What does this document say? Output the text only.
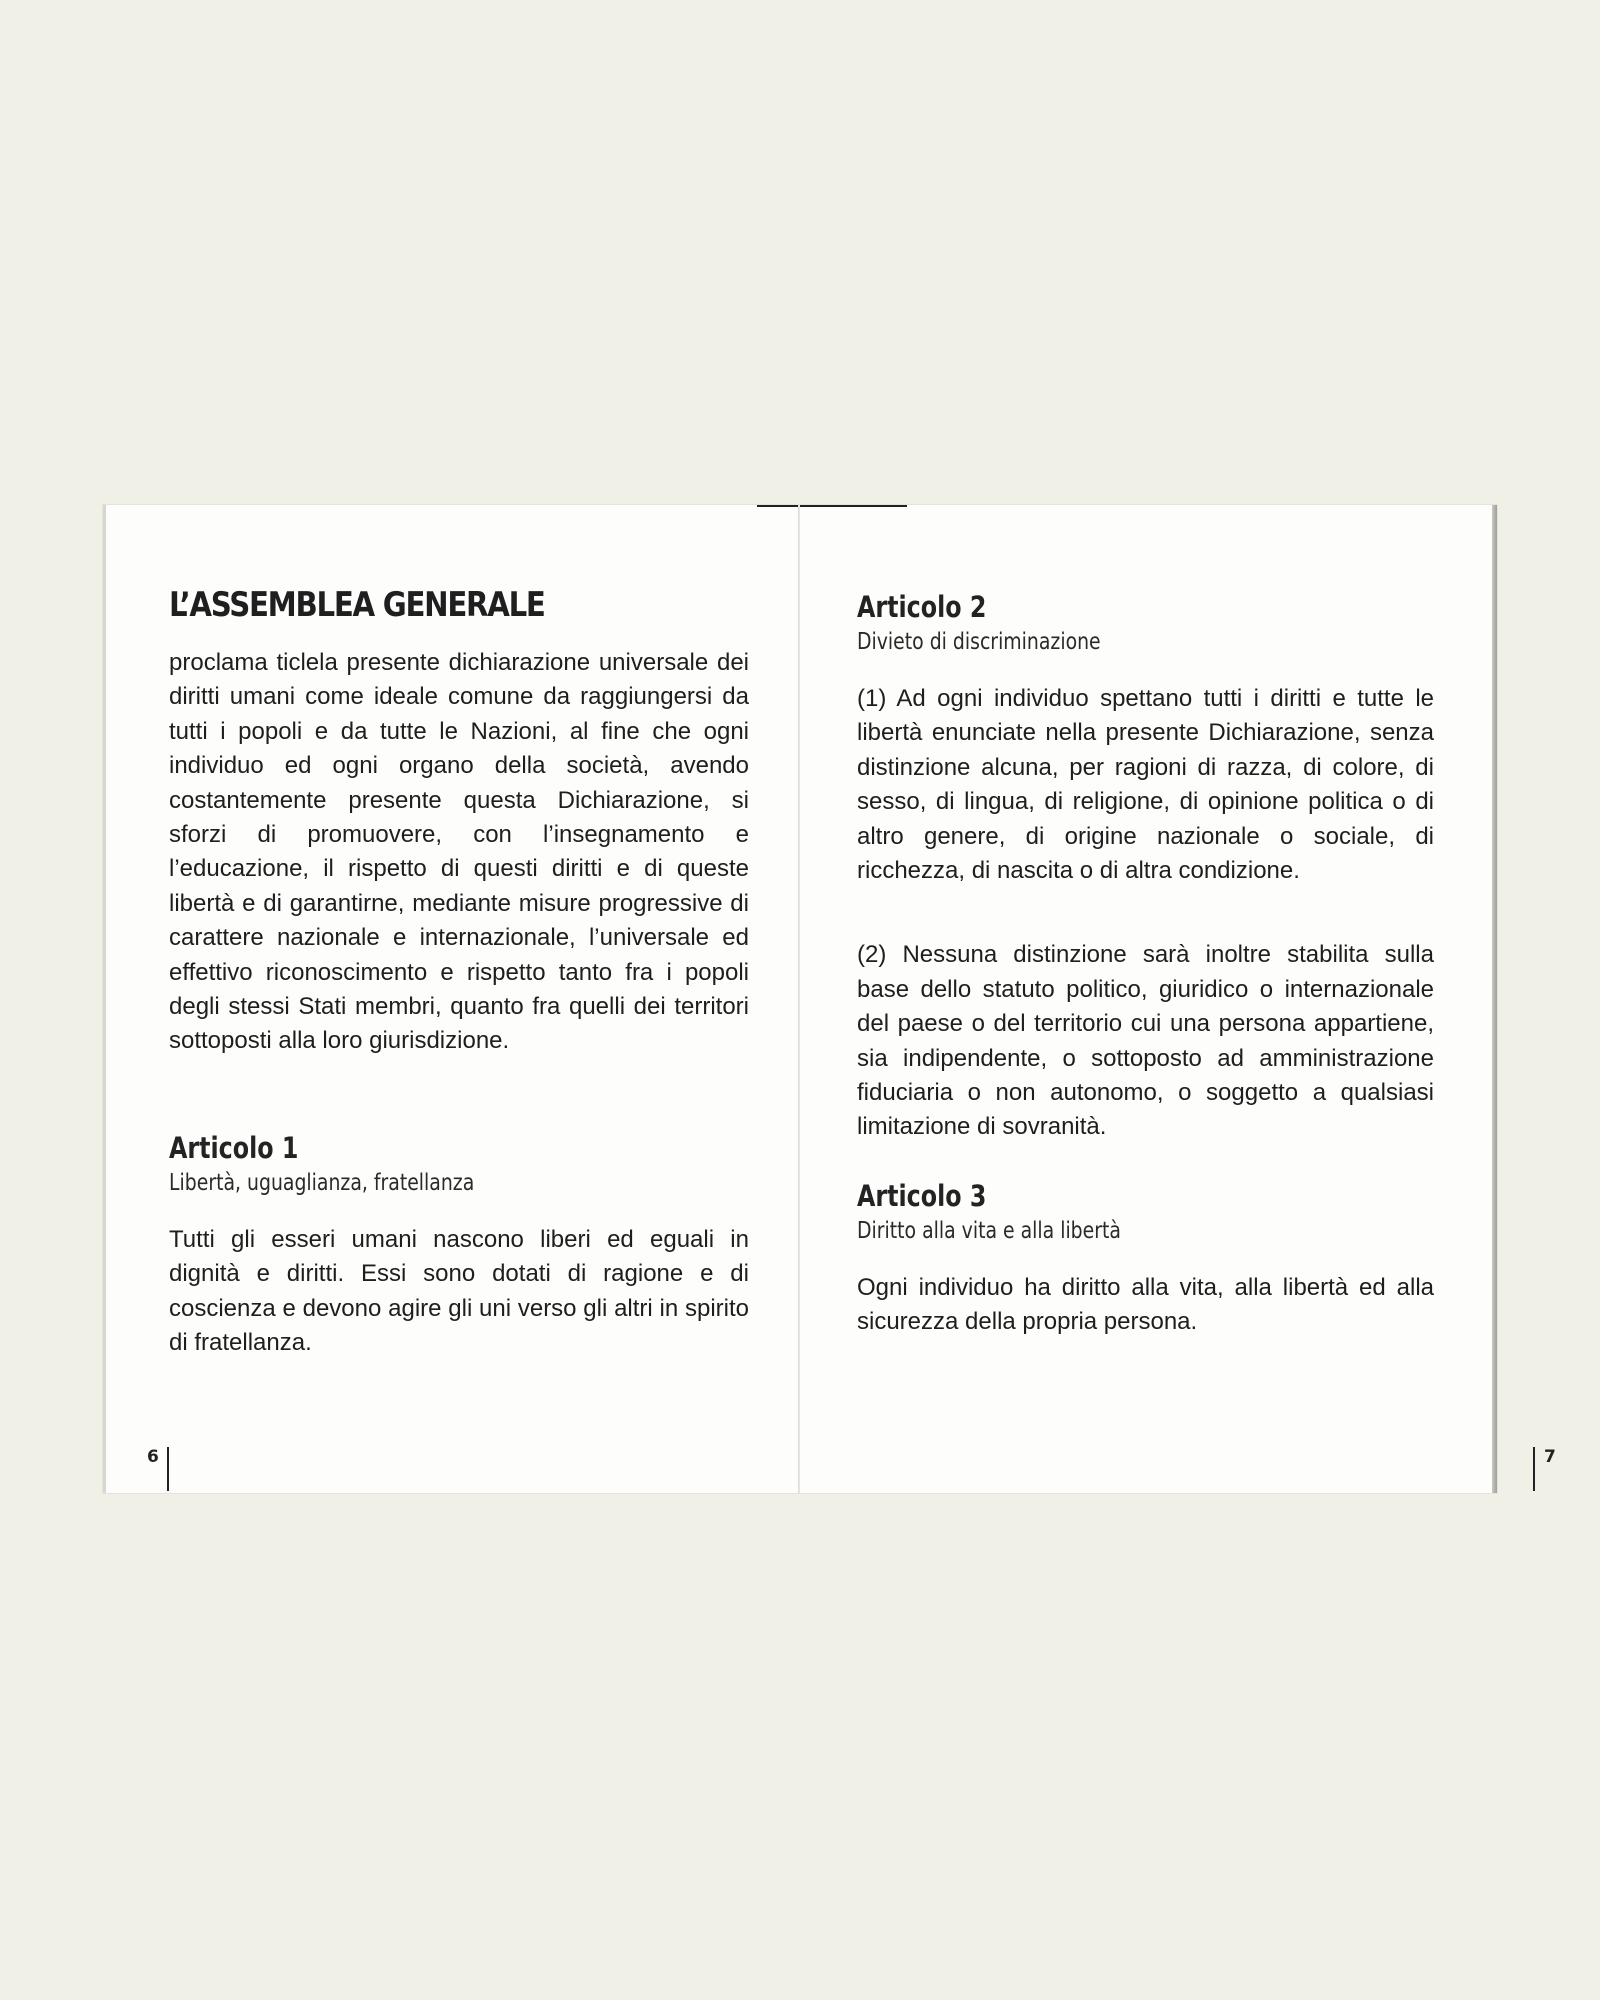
L’ASSEMBLEA GENERALE

proclama ticlela presente dichiarazione universale dei diritti umani come ideale comune da raggiungersi da tutti i popoli e da tutte le Nazioni, al fine che ogni individuo ed ogni organo della società, avendo costantemente presente questa Dichiarazione, si sforzi di promuovere, con l’insegnamento e l’educazione, il rispetto di questi diritti e di queste libertà e di garantirne, mediante misure progressive di carattere nazionale e internazionale, l’universale ed effettivo riconoscimento e rispetto tanto fra i popoli degli stessi Stati membri, quanto fra quelli dei territori sottoposti alla loro giurisdizione.

Articolo 1
Libertà, uguaglianza, fratellanza

Tutti gli esseri umani nascono liberi ed eguali in dignità e diritti. Essi sono dotati di ragione e di coscienza e devono agire gli uni verso gli altri in spirito di fratellanza.

6
Articolo 2
Divieto di discriminazione

(1) Ad ogni individuo spettano tutti i diritti e tutte le libertà enunciate nella presente Dichiarazione, senza distinzione alcuna, per ragioni di razza, di colore, di sesso, di lingua, di religione, di opinione politica o di altro genere, di origine nazionale o sociale, di ricchezza, di nascita o di altra condizione.

(2) Nessuna distinzione sarà inoltre stabilita sulla base dello statuto politico, giuridico o internazionale del paese o del territorio cui una persona appartiene, sia indipendente, o sottoposto ad amministrazione fiduciaria o non autonomo, o soggetto a qualsiasi limitazione di sovranità.

Articolo 3
Diritto alla vita e alla libertà

Ogni individuo ha diritto alla vita, alla libertà ed alla sicurezza della propria persona.

7
